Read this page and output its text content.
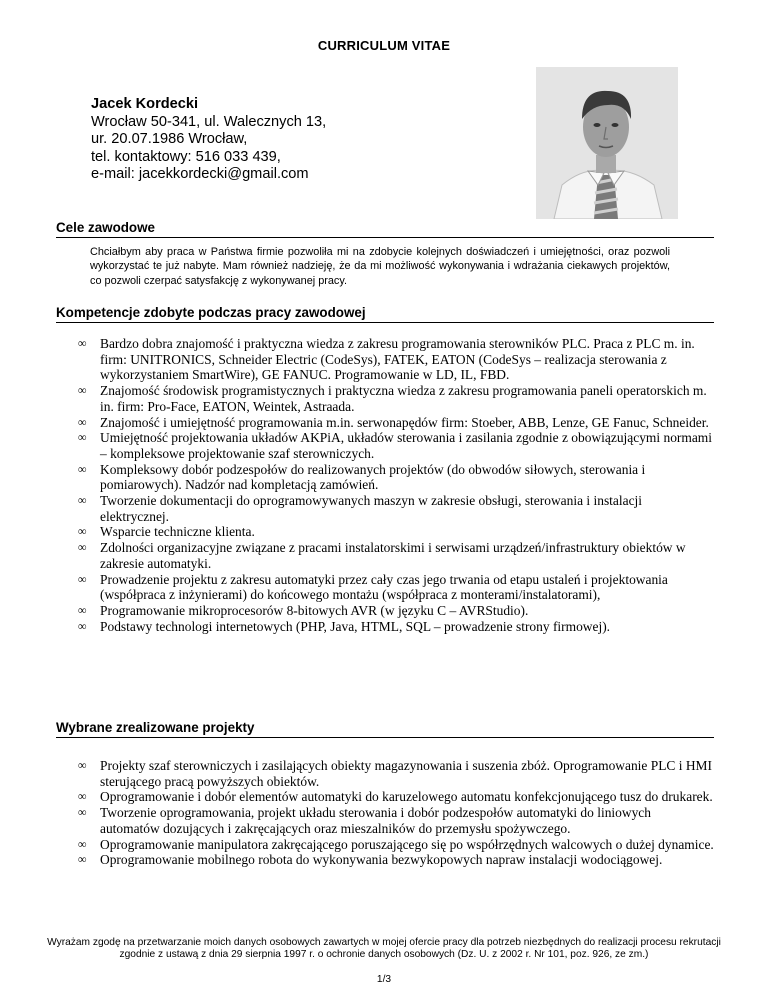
CURRICULUM VITAE
Jacek Kordecki
Wrocław 50-341, ul. Walecznych 13,
ur. 20.07.1986 Wrocław,
tel. kontaktowy: 516 033 439,
e-mail: jacekkordecki@gmail.com
Cele zawodowe
Chciałbym aby praca w Państwa firmie pozwoliła mi na zdobycie kolejnych doświadczeń i umiejętności, oraz pozwoli wykorzystać te już nabyte. Mam również nadzieję, że da mi możliwość wykonywania i wdrażania ciekawych projektów, co pozwoli czerpać satysfakcję z wykonywanej pracy.
Kompetencje zdobyte podczas pracy zawodowej
∞ Bardzo dobra znajomość i praktyczna wiedza z zakresu programowania sterowników PLC. Praca z PLC m. in. firm: UNITRONICS, Schneider Electric (CodeSys), FATEK, EATON (CodeSys – realizacja sterowania z wykorzystaniem SmartWire), GE FANUC. Programowanie w LD, IL, FBD.
∞ Znajomość środowisk programistycznych i praktyczna wiedza z zakresu programowania paneli operatorskich m. in. firm: Pro-Face, EATON, Weintek, Astraada.
∞ Znajomość i umiejętność programowania m.in. serwonapędów firm: Stoeber, ABB, Lenze, GE Fanuc, Schneider.
∞ Umiejętność projektowania układów AKPiA, układów sterowania i zasilania zgodnie z obowiązującymi normami – kompleksowe projektowanie szaf sterowniczych.
∞ Kompleksowy dobór podzespołów do realizowanych projektów (do obwodów siłowych, sterowania i pomiarowych). Nadzór nad kompletacją zamówień.
∞ Tworzenie dokumentacji do oprogramowywanych maszyn w zakresie obsługi, sterowania i instalacji elektrycznej.
∞ Wsparcie techniczne klienta.
∞ Zdolności organizacyjne związane z pracami instalatorskimi i serwisami urządzeń/infrastruktury obiektów w zakresie automatyki.
∞ Prowadzenie projektu z zakresu automatyki przez cały czas jego trwania od etapu ustaleń i projektowania (współpraca z inżynierami) do końcowego montażu (współpraca z monterami/instalatorami),
∞ Programowanie mikroprocesorów 8-bitowych AVR (w języku C – AVRStudio).
∞ Podstawy technologi internetowych (PHP, Java, HTML, SQL – prowadzenie strony firmowej).
Wybrane zrealizowane projekty
∞ Projekty szaf sterowniczych i zasilających obiekty magazynowania i suszenia zbóż. Oprogramowanie PLC i HMI sterującego pracą powyższych obiektów.
∞ Oprogramowanie i dobór elementów automatyki do karuzelowego automatu konfekcjonującego tusz do drukarek.
∞ Tworzenie oprogramowania, projekt układu sterowania i dobór podzespołów automatyki do liniowych automatów dozujących i zakręcających oraz mieszalników do przemysłu spożywczego.
∞ Oprogramowanie manipulatora zakręcającego poruszającego się po współrzędnych walcowych o dużej dynamice.
∞ Oprogramowanie mobilnego robota do wykonywania bezwykopowych napraw instalacji wodociągowej.
Wyrażam zgodę na przetwarzanie moich danych osobowych zawartych w mojej ofercie pracy dla potrzeb niezbędnych do realizacji procesu rekrutacji zgodnie z ustawą z dnia 29 sierpnia 1997 r. o ochronie danych osobowych (Dz. U. z 2002 r. Nr 101, poz. 926, ze zm.)
1/3
